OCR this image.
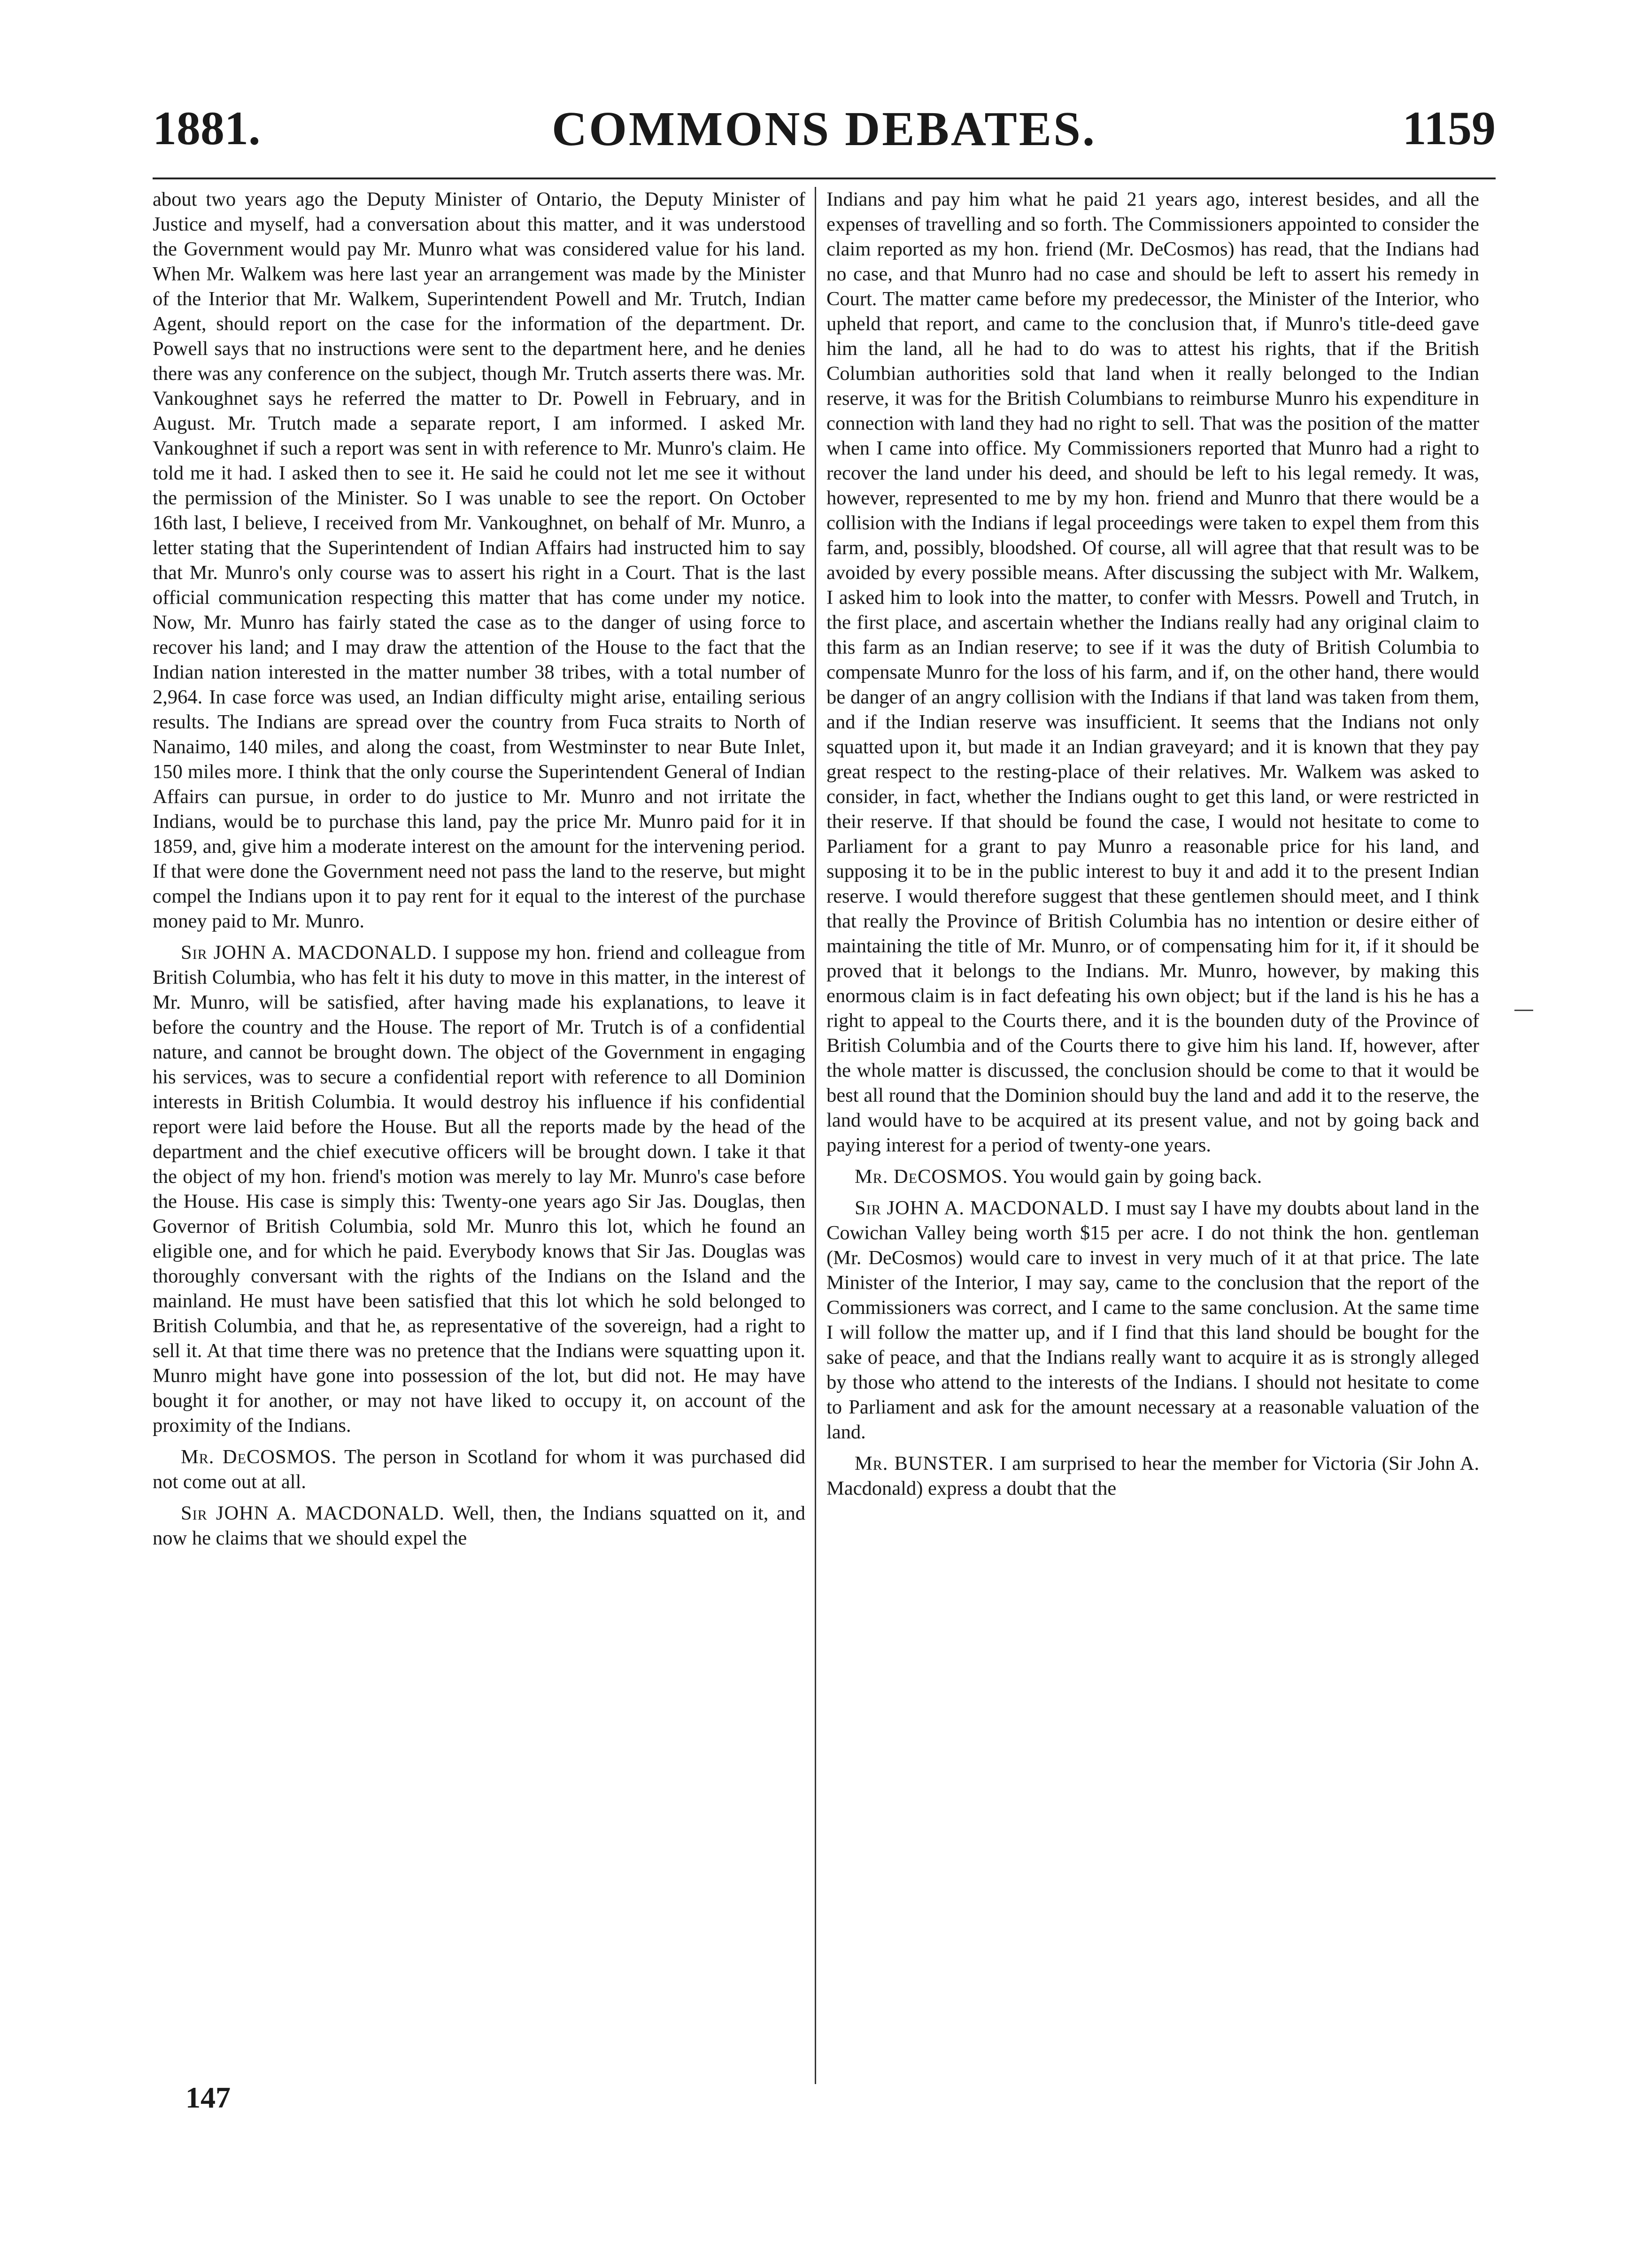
1881.	COMMONS DEBATES.	1159

about two years ago the Deputy Minister of Ontario, the Deputy Minister of Justice and myself, had a conversation about this matter, and it was understood the Government would pay Mr. Munro what was considered value for his land. When Mr. Walkem was here last year an arrangement was made by the Minister of the Interior that Mr. Walkem, Superintendent Powell and Mr. Trutch, Indian Agent, should report on the case for the information of the department. Dr. Powell says that no instructions were sent to the department here, and he denies there was any conference on the subject, though Mr. Trutch asserts there was. Mr. Vankoughnet says he referred the matter to Dr. Powell in February, and in August. Mr. Trutch made a separate report, I am informed. I asked Mr. Vankoughnet if such a report was sent in with reference to Mr. Munro's claim. He told me it had. I asked then to see it. He said he could not let me see it without the permission of the Minister. So I was unable to see the report. On October 16th last, I believe, I received from Mr. Vankoughnet, on behalf of Mr. Munro, a letter stating that the Superintendent of Indian Affairs had instructed him to say that Mr. Munro's only course was to assert his right in a Court. That is the last official communication respecting this matter that has come under my notice. Now, Mr. Munro has fairly stated the case as to the danger of using force to recover his land; and I may draw the attention of the House to the fact that the Indian nation interested in the matter number 38 tribes, with a total number of 2,964. In case force was used, an Indian difficulty might arise, entailing serious results. The Indians are spread over the country from Fuca straits to North of Nanaimo, 140 miles, and along the coast, from Westminster to near Bute Inlet, 150 miles more. I think that the only course the Superintendent General of Indian Affairs can pursue, in order to do justice to Mr. Munro and not irritate the Indians, would be to purchase this land, pay the price Mr. Munro paid for it in 1859, and, give him a moderate interest on the amount for the intervening period. If that were done the Government need not pass the land to the reserve, but might compel the Indians upon it to pay rent for it equal to the interest of the purchase money paid to Mr. Munro.

Sir JOHN A. MACDONALD. I suppose my hon. friend and colleague from British Columbia, who has felt it his duty to move in this matter, in the interest of Mr. Munro, will be satisfied, after having made his explanations, to leave it before the country and the House. The report of Mr. Trutch is of a confidential nature, and cannot be brought down. The object of the Government in engaging his services, was to secure a confidential report with reference to all Dominion interests in British Columbia. It would destroy his influence if his confidential report were laid before the House. But all the reports made by the head of the department and the chief executive officers will be brought down. I take it that the object of my hon. friend's motion was merely to lay Mr. Munro's case before the House. His case is simply this: Twenty-one years ago Sir Jas. Douglas, then Governor of British Columbia, sold Mr. Munro this lot, which he found an eligible one, and for which he paid. Everybody knows that Sir Jas. Douglas was thoroughly conversant with the rights of the Indians on the Island and the mainland. He must have been satisfied that this lot which he sold belonged to British Columbia, and that he, as representative of the sovereign, had a right to sell it. At that time there was no pretence that the Indians were squatting upon it. Munro might have gone into possession of the lot, but did not. He may have bought it for another, or may not have liked to occupy it, on account of the proximity of the Indians.

Mr. DeCOSMOS. The person in Scotland for whom it was purchased did not come out at all.

Sir JOHN A. MACDONALD. Well, then, the Indians squatted on it, and now he claims that we should expel the

Indians and pay him what he paid 21 years ago, interest besides, and all the expenses of travelling and so forth. The Commissioners appointed to consider the claim reported as my hon. friend (Mr. DeCosmos) has read, that the Indians had no case, and that Munro had no case and should be left to assert his remedy in Court. The matter came before my predecessor, the Minister of the Interior, who upheld that report, and came to the conclusion that, if Munro's title-deed gave him the land, all he had to do was to attest his rights, that if the British Columbian authorities sold that land when it really belonged to the Indian reserve, it was for the British Columbians to reimburse Munro his expenditure in connection with land they had no right to sell. That was the position of the matter when I came into office. My Commissioners reported that Munro had a right to recover the land under his deed, and should be left to his legal remedy. It was, however, represented to me by my hon. friend and Munro that there would be a collision with the Indians if legal proceedings were taken to expel them from this farm, and, possibly, bloodshed. Of course, all will agree that that result was to be avoided by every possible means. After discussing the subject with Mr. Walkem, I asked him to look into the matter, to confer with Messrs. Powell and Trutch, in the first place, and ascertain whether the Indians really had any original claim to this farm as an Indian reserve; to see if it was the duty of British Columbia to compensate Munro for the loss of his farm, and if, on the other hand, there would be danger of an angry collision with the Indians if that land was taken from them, and if the Indian reserve was insufficient. It seems that the Indians not only squatted upon it, but made it an Indian graveyard; and it is known that they pay great respect to the resting-place of their relatives. Mr. Walkem was asked to consider, in fact, whether the Indians ought to get this land, or were restricted in their reserve. If that should be found the case, I would not hesitate to come to Parliament for a grant to pay Munro a reasonable price for his land, and supposing it to be in the public interest to buy it and add it to the present Indian reserve. I would therefore suggest that these gentlemen should meet, and I think that really the Province of British Columbia has no intention or desire either of maintaining the title of Mr. Munro, or of compensating him for it, if it should be proved that it belongs to the Indians. Mr. Munro, however, by making this enormous claim is in fact defeating his own object; but if the land is his he has a right to appeal to the Courts there, and it is the bounden duty of the Province of British Columbia and of the Courts there to give him his land. If, however, after the whole matter is discussed, the conclusion should be come to that it would be best all round that the Dominion should buy the land and add it to the reserve, the land would have to be acquired at its present value, and not by going back and paying interest for a period of twenty-one years.

Mr. DeCOSMOS. You would gain by going back.

Sir JOHN A. MACDONALD. I must say I have my doubts about land in the Cowichan Valley being worth $15 per acre. I do not think the hon. gentleman (Mr. DeCosmos) would care to invest in very much of it at that price. The late Minister of the Interior, I may say, came to the conclusion that the report of the Commissioners was correct, and I came to the same conclusion. At the same time I will follow the matter up, and if I find that this land should be bought for the sake of peace, and that the Indians really want to acquire it as is strongly alleged by those who attend to the interests of the Indians. I should not hesitate to come to Parliament and ask for the amount necessary at a reasonable valuation of the land.

Mr. BUNSTER. I am surprised to hear the member for Victoria (Sir John A. Macdonald) express a doubt that the

147
